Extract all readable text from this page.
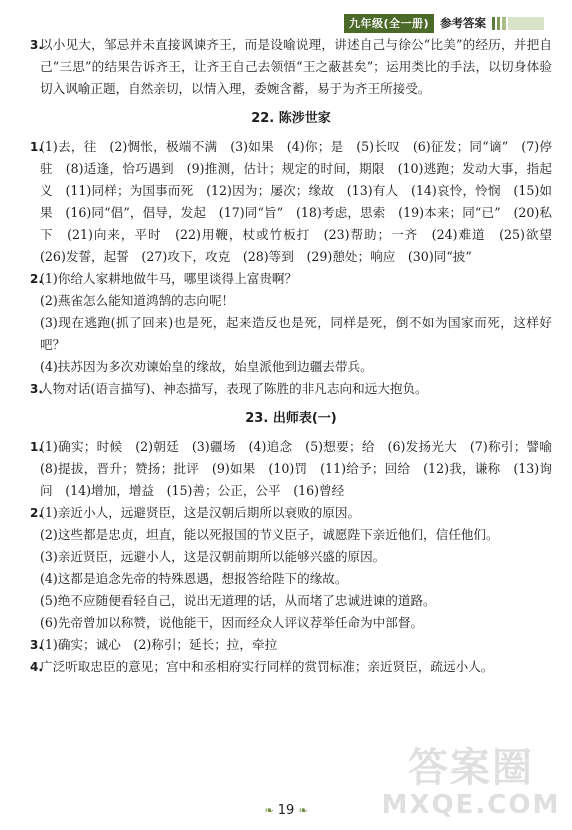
九年级(全一册) 参考答案
3.
以小见大，邹忌并未直接讽谏齐王，而是设喻说理，讲述自己与徐公“比美”的经历，并把自己“三思”的结果告诉齐王，让齐王自己去领悟“王之蔽甚矣”；运用类比的手法，以切身体验切入讽喻正题，自然亲切，以情入理，委婉含蓄，易于为齐王所接受。
22. 陈涉世家
1.
(1)去，往　(2)惆怅，极端不满　(3)如果　(4)你；是　(5)长叹　(6)征发；同“谪”　(7)停驻　(8)适逢，恰巧遇到　(9)推测，估计；规定的时间，期限　(10)逃跑；发动大事，指起义　(11)同样；为国事而死　(12)因为；屡次；缘故　(13)有人　(14)哀怜，怜悯　(15)如果　(16)同“倡”，倡导，发起　(17)同“旨”　(18)考虑，思索　(19)本来；同“已”　(20)私下　(21)向来，平时　(22)用鞭，杖或竹板打　(23)帮助；一齐　(24)难道　(25)欲望　(26)发誓，起誓　(27)攻下，攻克　(28)等到　(29)憩处；响应　(30)同“披”
2.
(1)你给人家耕地做牛马，哪里谈得上富贵啊？
(2)燕雀怎么能知道鸿鹄的志向呢！
(3)现在逃跑(抓了回来)也是死，起来造反也是死，同样是死，倒不如为国家而死，这样好吧？
(4)扶苏因为多次劝谏始皇的缘故，始皇派他到边疆去带兵。
3.
人物对话(语言描写)、神态描写，表现了陈胜的非凡志向和远大抱负。
23. 出师表(一)
1.
(1)确实；时候　(2)朝廷　(3)疆场　(4)追念　(5)想要；给　(6)发扬光大　(7)称引；譬喻　(8)提拔，晋升；赞扬；批评　(9)如果　(10)罚　(11)给予；回给　(12)我，谦称　(13)询问　(14)增加，增益　(15)善；公正，公平　(16)曾经
2.
(1)亲近小人，远避贤臣，这是汉朝后期所以衰败的原因。
(2)这些都是忠贞，坦直，能以死报国的节义臣子，诚愿陛下亲近他们，信任他们。
(3)亲近贤臣，远避小人，这是汉朝前期所以能够兴盛的原因。
(4)这都是追念先帝的特殊恩遇，想报答给陛下的缘故。
(5)绝不应随便看轻自己，说出无道理的话，从而堵了忠诚进谏的道路。
(6)先帝曾加以称赞，说他能干，因而经众人评议荐举任命为中部督。
3.
(1)确实；诚心　(2)称引；延长；拉，牵拉
4.
广泛听取忠臣的意见；宫中和丞相府实行同样的赏罚标准；亲近贤臣，疏远小人。
❧ 19 ❧
答案圈
MXQE.COM
